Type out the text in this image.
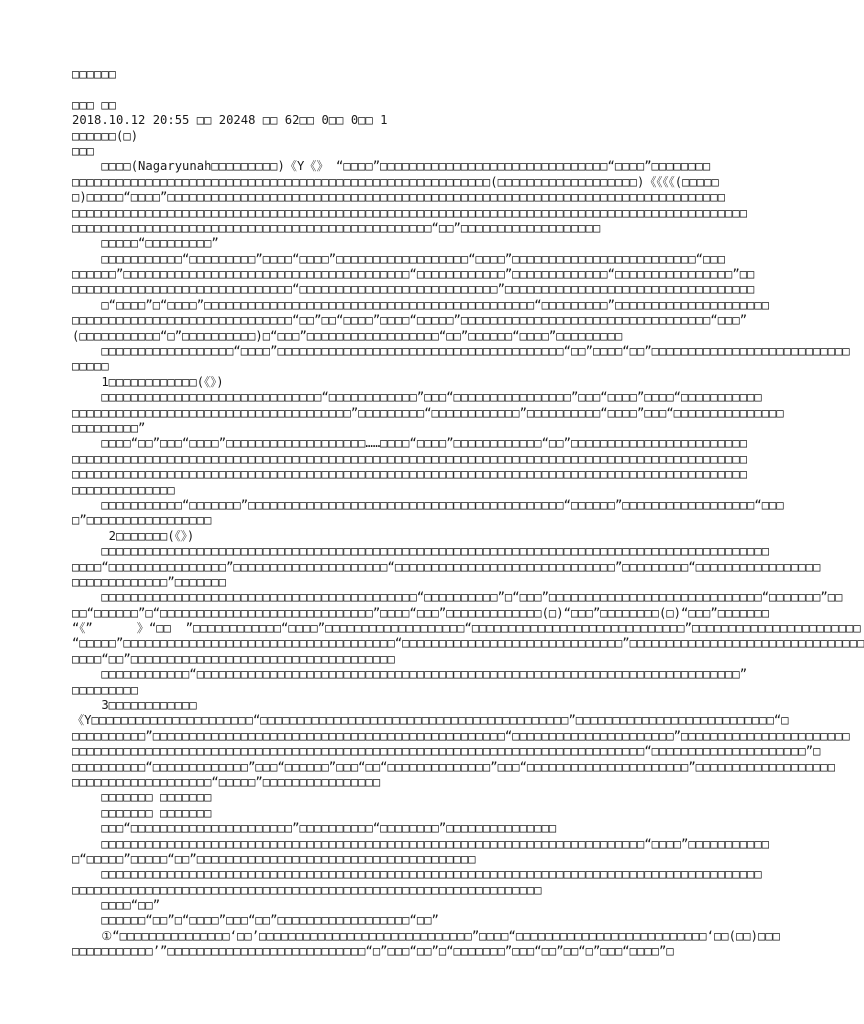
□□□□□□
□□□ □□
2018.10.12 20:55 □□ 20248 □□ 62□□ 0□□ 0□□ 1
□□□□□□(□)
□□□
□□□□(Nagaryunah□□□□□□□□□)《Y《》 “□□□□”□□□□□□□□□□□□□□□□□□□□□□□□□□□□□□□“□□□□”□□□□□□□□
□□□□□□□□□□□□□□□□□□□□□□□□□□□□□□□□□□□□□□□□□□□□□□□□□□□□□□□□□(□□□□□□□□□□□□□□□□□□□)《《《《(□□□□□
□)□□□□□“□□□□”□□□□□□□□□□□□□□□□□□□□□□□□□□□□□□□□□□□□□□□□□□□□□□□□□□□□□□□□□□□□□□□□□□□□□□□□□□□□
□□□□□□□□□□□□□□□□□□□□□□□□□□□□□□□□□□□□□□□□□□□□□□□□□□□□□□□□□□□□□□□□□□□□□□□□□□□□□□□□□□□□□□□□□□□□
□□□□□□□□□□□□□□□□□□□□□□□□□□□□□□□□□□□□□□□□□□□□□□□□□“□□”□□□□□□□□□□□□□□□□□□□
□□□□□“□□□□□□□□□”
□□□□□□□□□□□“□□□□□□□□□”□□□□“□□□□”□□□□□□□□□□□□□□□□□□“□□□□”□□□□□□□□□□□□□□□□□□□□□□□□□“□□□
□□□□□□”□□□□□□□□□□□□□□□□□□□□□□□□□□□□□□□□□□□□□□□“□□□□□□□□□□□□”□□□□□□□□□□□□□“□□□□□□□□□□□□□□□□”□□
□□□□□□□□□□□□□□□□□□□□□□□□□□□□□□“□□□□□□□□□□□□□□□□□□□□□□□□□□□”□□□□□□□□□□□□□□□□□□□□□□□□□□□□□□□□□□
□“□□□□”□“□□□□”□□□□□□□□□□□□□□□□□□□□□□□□□□□□□□□□□□□□□□□□□□□□□“□□□□□□□□□”□□□□□□□□□□□□□□□□□□□□□
□□□□□□□□□□□□□□□□□□□□□□□□□□□□□□“□□”□□“□□□□”□□□□“□□□□□”□□□□□□□□□□□□□□□□□□□□□□□□□□□□□□□□□□“□□□”
(□□□□□□□□□□□“□”□□□□□□□□□□)□“□□□”□□□□□□□□□□□□□□□□□□“□□”□□□□□□“□□□□”□□□□□□□□□
□□□□□□□□□□□□□□□□□□“□□□□”□□□□□□□□□□□□□□□□□□□□□□□□□□□□□□□□□□□□□□□“□□”□□□□“□□”□□□□□□□□□□□□□□□□□□□□□□□□□□□
□□□□□
1□□□□□□□□□□□□(《》)
□□□□□□□□□□□□□□□□□□□□□□□□□□□□□□“□□□□□□□□□□□□”□□□“□□□□□□□□□□□□□□□□”□□□“□□□□”□□□□“□□□□□□□□□□□
□□□□□□□□□□□□□□□□□□□□□□□□□□□□□□□□□□□□□□”□□□□□□□□□“□□□□□□□□□□□□”□□□□□□□□□□“□□□□”□□□“□□□□□□□□□□□□□□□
□□□□□□□□□”
□□□□“□□”□□□“□□□□”□□□□□□□□□□□□□□□□□□□……□□□□“□□□□”□□□□□□□□□□□□“□□”□□□□□□□□□□□□□□□□□□□□□□□□
□□□□□□□□□□□□□□□□□□□□□□□□□□□□□□□□□□□□□□□□□□□□□□□□□□□□□□□□□□□□□□□□□□□□□□□□□□□□□□□□□□□□□□□□□□□□
□□□□□□□□□□□□□□□□□□□□□□□□□□□□□□□□□□□□□□□□□□□□□□□□□□□□□□□□□□□□□□□□□□□□□□□□□□□□□□□□□□□□□□□□□□□□
□□□□□□□□□□□□□□
□□□□□□□□□□□“□□□□□□□”□□□□□□□□□□□□□□□□□□□□□□□□□□□□□□□□□□□□□□□□□□□“□□□□□□”□□□□□□□□□□□□□□□□□□“□□□
□”□□□□□□□□□□□□□□□□□
2□□□□□□□(《》)
□□□□□□□□□□□□□□□□□□□□□□□□□□□□□□□□□□□□□□□□□□□□□□□□□□□□□□□□□□□□□□□□□□□□□□□□□□□□□□□□□□□□□□□□□□□
□□□□“□□□□□□□□□□□□□□□□”□□□□□□□□□□□□□□□□□□□□□“□□□□□□□□□□□□□□□□□□□□□□□□□□□□□□”□□□□□□□□□“□□□□□□□□□□□□□□□□□
□□□□□□□□□□□□□”□□□□□□□
□□□□□□□□□□□□□□□□□□□□□□□□□□□□□□□□□□□□□□□□□□□“□□□□□□□□□□”□“□□□”□□□□□□□□□□□□□□□□□□□□□□□□□□□□□“□□□□□□□”□□
□□“□□□□□□”□“□□□□□□□□□□□□□□□□□□□□□□□□□□□□□”□□□□“□□□”□□□□□□□□□□□□□(□)“□□□”□□□□□□□□(□)“□□□”□□□□□□□
“《”      》“□□  ”□□□□□□□□□□□□“□□□□”□□□□□□□□□□□□□□□□□□□“□□□□□□□□□□□□□□□□□□□□□□□□□□□□□”□□□□□□□□□□□□□□□□□□□□□□□
“□□□□□”□□□□□□□□□□□□□□□□□□□□□□□□□□□□□□□□□□□□□“□□□□□□□□□□□□□□□□□□□□□□□□□□□□□□”□□□□□□□□□□□□□□□□□□□□□□□□□□□□□□□□
□□□□“□□”□□□□□□□□□□□□□□□□□□□□□□□□□□□□□□□□□□□□
□□□□□□□□□□□□“□□□□□□□□□□□□□□□□□□□□□□□□□□□□□□□□□□□□□□□□□□□□□□□□□□□□□□□□□□□□□□□□□□□□□□□□□□”
□□□□□□□□□
3□□□□□□□□□□□□
《Y□□□□□□□□□□□□□□□□□□□□□□“□□□□□□□□□□□□□□□□□□□□□□□□□□□□□□□□□□□□□□□□□□”□□□□□□□□□□□□□□□□□□□□□□□□□□□“□
□□□□□□□□□□”□□□□□□□□□□□□□□□□□□□□□□□□□□□□□□□□□□□□□□□□□□□□□□□□“□□□□□□□□□□□□□□□□□□□□□□”□□□□□□□□□□□□□□□□□□□□□□□
□□□□□□□□□□□□□□□□□□□□□□□□□□□□□□□□□□□□□□□□□□□□□□□□□□□□□□□□□□□□□□□□□□□□□□□□□□□□□□“□□□□□□□□□□□□□□□□□□□□□”□
□□□□□□□□□□“□□□□□□□□□□□□□”□□□“□□□□□□”□□□“□□“□□□□□□□□□□□□□□”□□□“□□□□□□□□□□□□□□□□□□□□□□”□□□□□□□□□□□□□□□□□□□
□□□□□□□□□□□□□□□□□□□“□□□□□”□□□□□□□□□□□□□□□□
□□□□□□□ □□□□□□□
□□□□□□□ □□□□□□□
□□□“□□□□□□□□□□□□□□□□□□□□□□”□□□□□□□□□□“□□□□□□□□”□□□□□□□□□□□□□□□
□□□□□□□□□□□□□□□□□□□□□□□□□□□□□□□□□□□□□□□□□□□□□□□□□□□□□□□□□□□□□□□□□□□□□□□□□□“□□□□”□□□□□□□□□□□
□“□□□□□”□□□□□“□□”□□□□□□□□□□□□□□□□□□□□□□□□□□□□□□□□□□□□□□
□□□□□□□□□□□□□□□□□□□□□□□□□□□□□□□□□□□□□□□□□□□□□□□□□□□□□□□□□□□□□□□□□□□□□□□□□□□□□□□□□□□□□□□□□□
□□□□□□□□□□□□□□□□□□□□□□□□□□□□□□□□□□□□□□□□□□□□□□□□□□□□□□□□□□□□□□□□
□□□□“□□”
□□□□□□“□□”□“□□□□”□□□“□□”□□□□□□□□□□□□□□□□□□“□□”
①“□□□□□□□□□□□□□□□‘□□’□□□□□□□□□□□□□□□□□□□□□□□□□□□□□”□□□□“□□□□□□□□□□□□□□□□□□□□□□□□□□‘□□(□□)□□□
□□□□□□□□□□□’”□□□□□□□□□□□□□□□□□□□□□□□□□□□“□”□□□“□□”□“□□□□□□□”□□□“□□”□□“□”□□□“□□□□”□
